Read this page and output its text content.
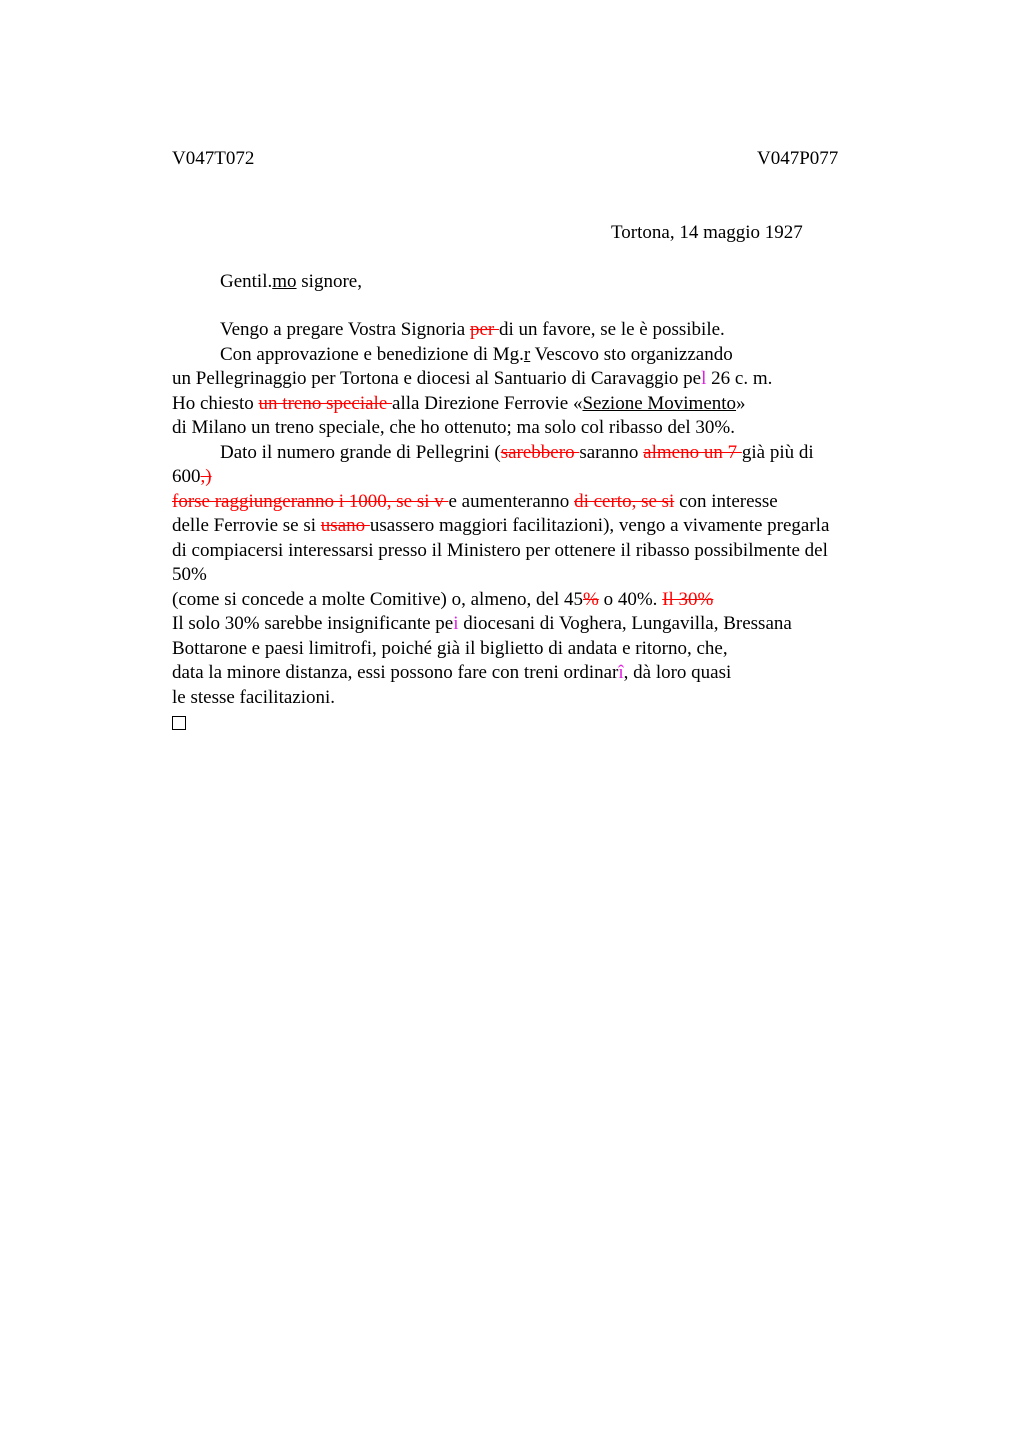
V047T072	V047P077
Tortona, 14 maggio 1927
Gentil.mo signore,
Vengo a pregare Vostra Signoria per di un favore, se le è possibile.
Con approvazione e benedizione di Mg.r Vescovo sto organizzando
un Pellegrinaggio per Tortona e diocesi al Santuario di Caravaggio pel 26 c. m.
Ho chiesto un treno speciale alla Direzione Ferrovie «Sezione Movimento»
di Milano un treno speciale, che ho ottenuto; ma solo col ribasso del 30%.
Dato il numero grande di Pellegrini (sarebbero saranno almeno un 7 già più di
600,)
forse raggiungeranno i 1000, se si v e aumenteranno di certo, se si con interesse
delle Ferrovie se si usano usassero maggiori facilitazioni), vengo a vivamente pregarla
di compiacersi interessarsi presso il Ministero per ottenere il ribasso possibilmente del
50%
(come si concede a molte Comitive) o, almeno, del 45% o 40%. Il 30%
Il solo 30% sarebbe insignificante pei diocesani di Voghera, Lungavilla, Bressana
Bottarone e paesi limitrofi, poiché già il biglietto di andata e ritorno, che,
data la minore distanza, essi possono fare con treni ordinarî, dà loro quasi
le stesse facilitazioni.
